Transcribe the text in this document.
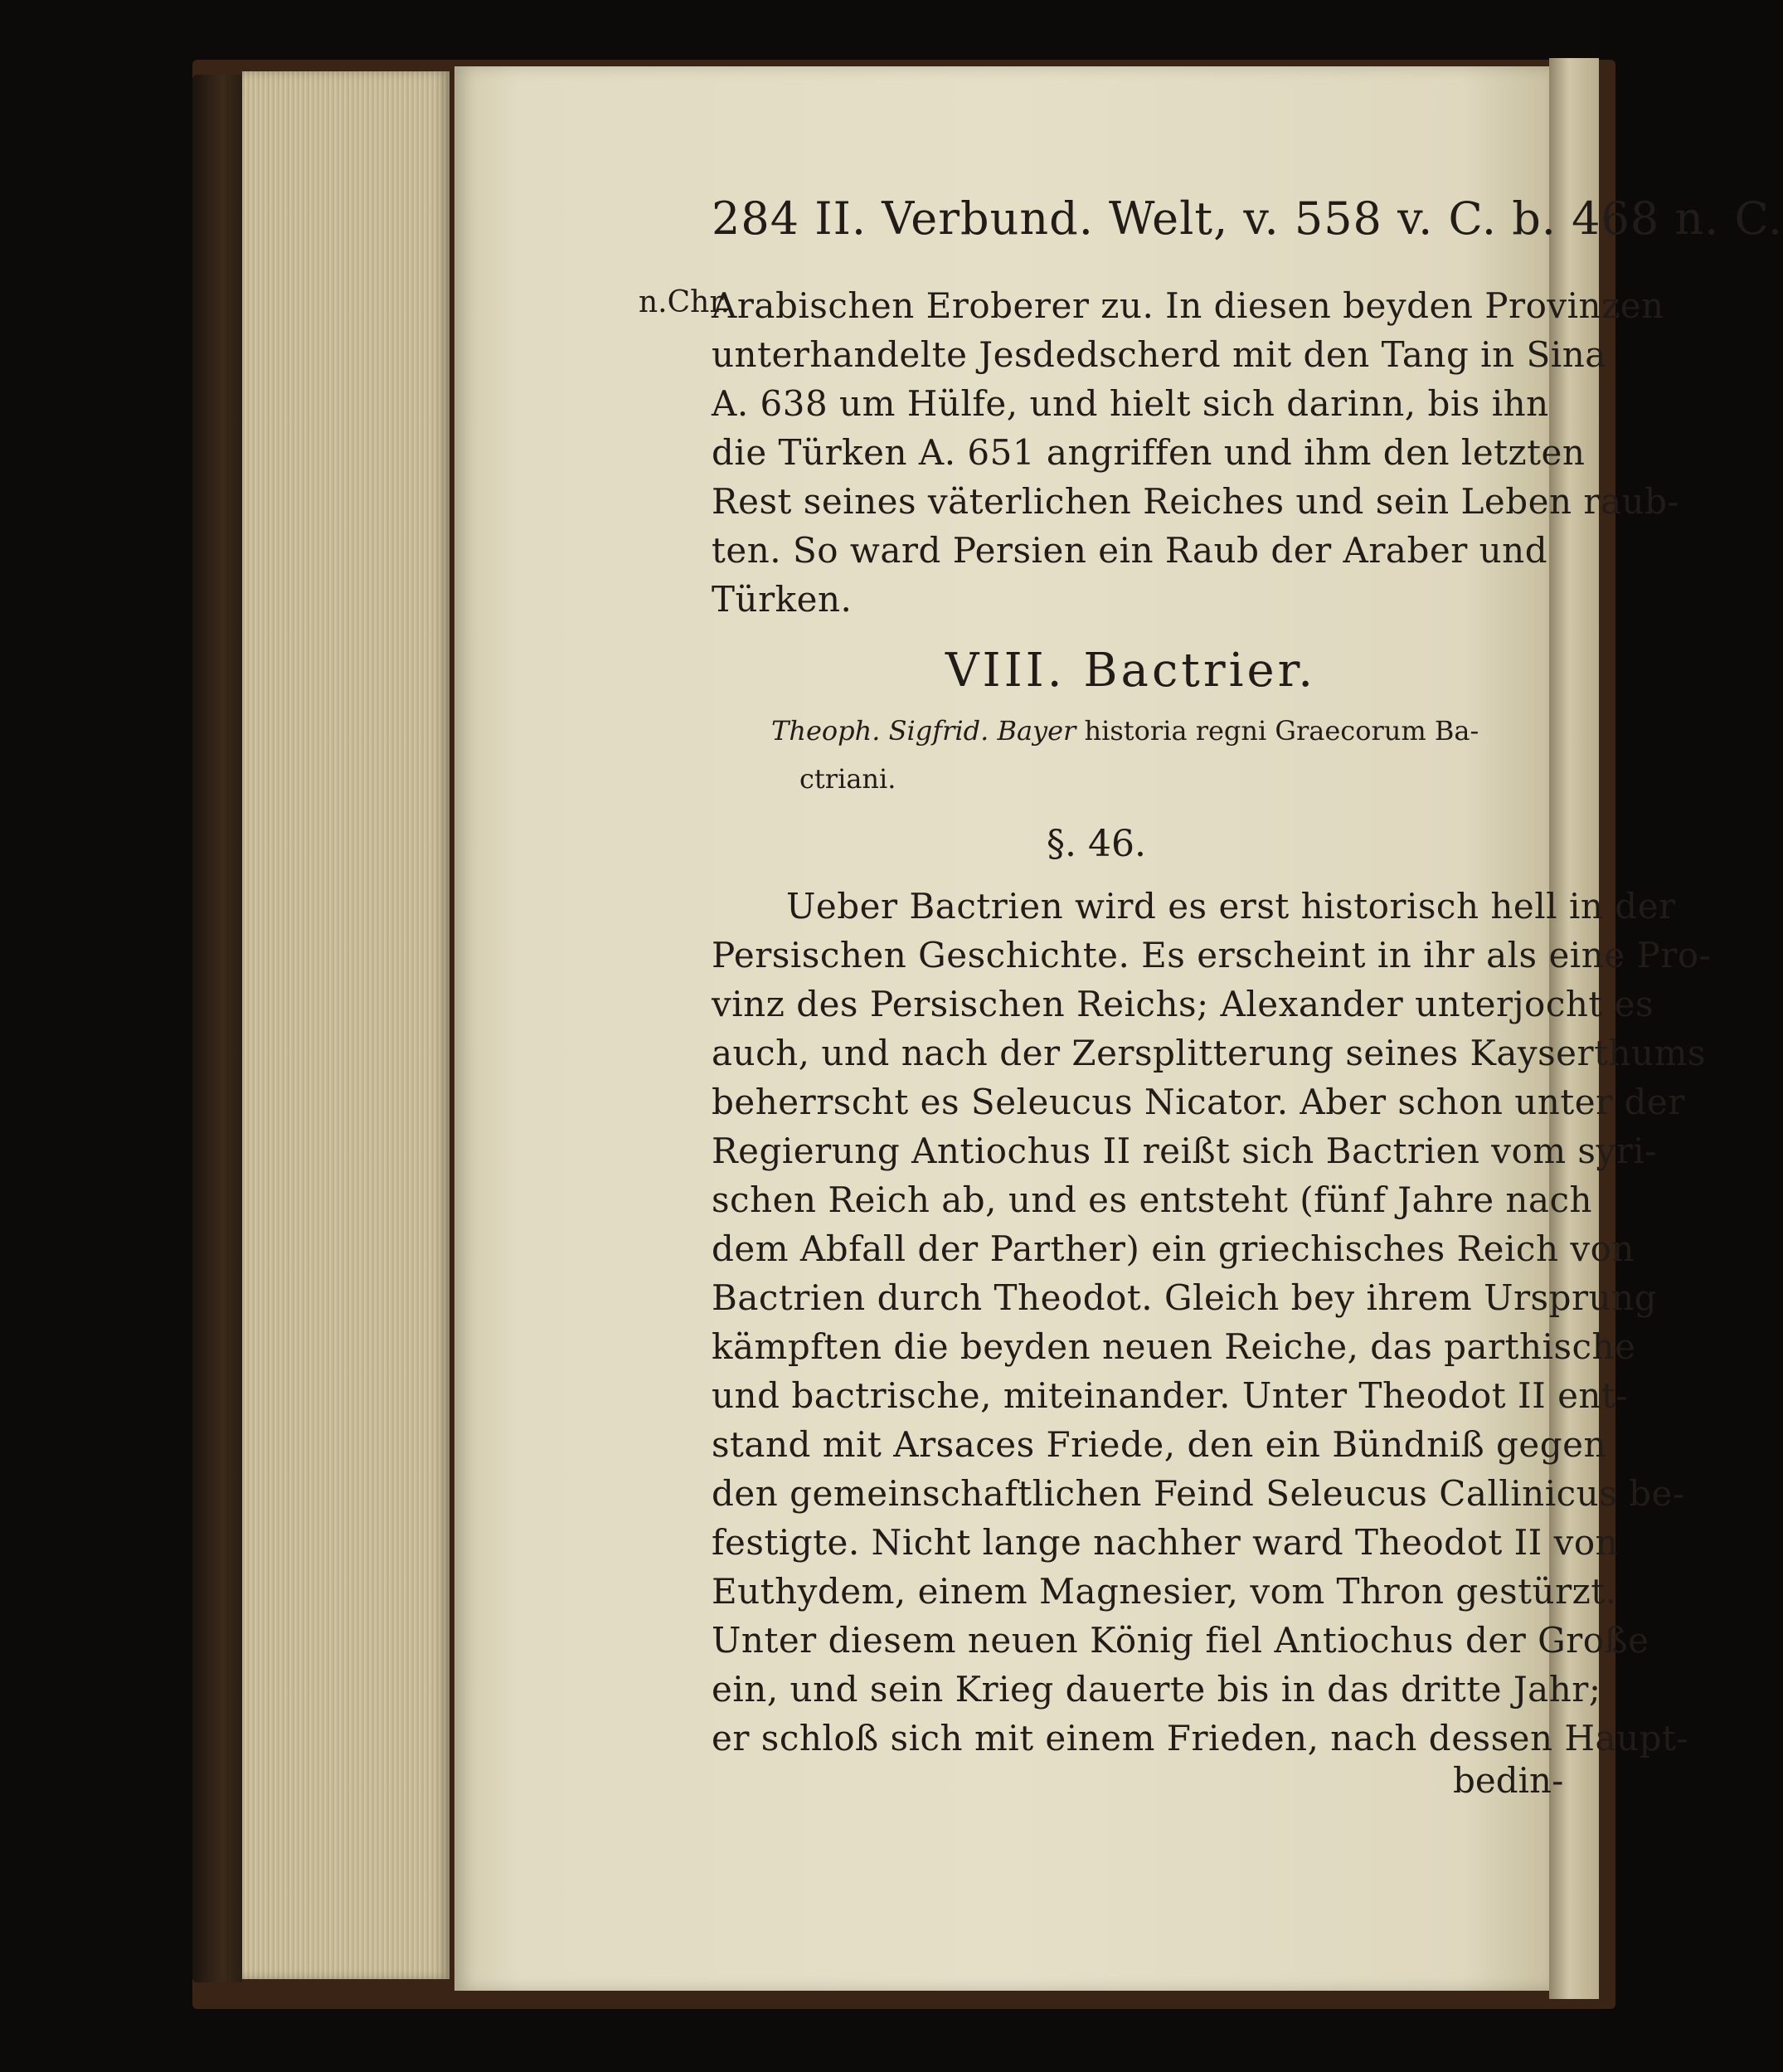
284 II. Verbund. Welt, v. 558 v. C. b. 468 n. C.
n.Chr.
Arabischen Eroberer zu. In diesen beyden Provinzen
unterhandelte Jesdedscherd mit den Tang in Sina
A. 638 um Hülfe, und hielt sich darinn, bis ihn
die Türken A. 651 angriffen und ihm den letzten
Rest seines väterlichen Reiches und sein Leben raub-
ten. So ward Persien ein Raub der Araber und
Türken.
VIII. Bactrier.
Theoph. Sigfrid. Bayer historia regni Graecorum Ba-
ctriani.
§. 46.
Ueber Bactrien wird es erst historisch hell in der
Persischen Geschichte. Es erscheint in ihr als eine Pro-
vinz des Persischen Reichs; Alexander unterjocht es
auch, und nach der Zersplitterung seines Kayserthums
beherrscht es Seleucus Nicator. Aber schon unter der
Regierung Antiochus II reißt sich Bactrien vom syri-
schen Reich ab, und es entsteht (fünf Jahre nach
dem Abfall der Parther) ein griechisches Reich von
Bactrien durch Theodot. Gleich bey ihrem Ursprung
kämpften die beyden neuen Reiche, das parthische
und bactrische, miteinander. Unter Theodot II ent-
stand mit Arsaces Friede, den ein Bündniß gegen
den gemeinschaftlichen Feind Seleucus Callinicus be-
festigte. Nicht lange nachher ward Theodot II von
Euthydem, einem Magnesier, vom Thron gestürzt.
Unter diesem neuen König fiel Antiochus der Große
ein, und sein Krieg dauerte bis in das dritte Jahr;
er schloß sich mit einem Frieden, nach dessen Haupt-
bedin-
